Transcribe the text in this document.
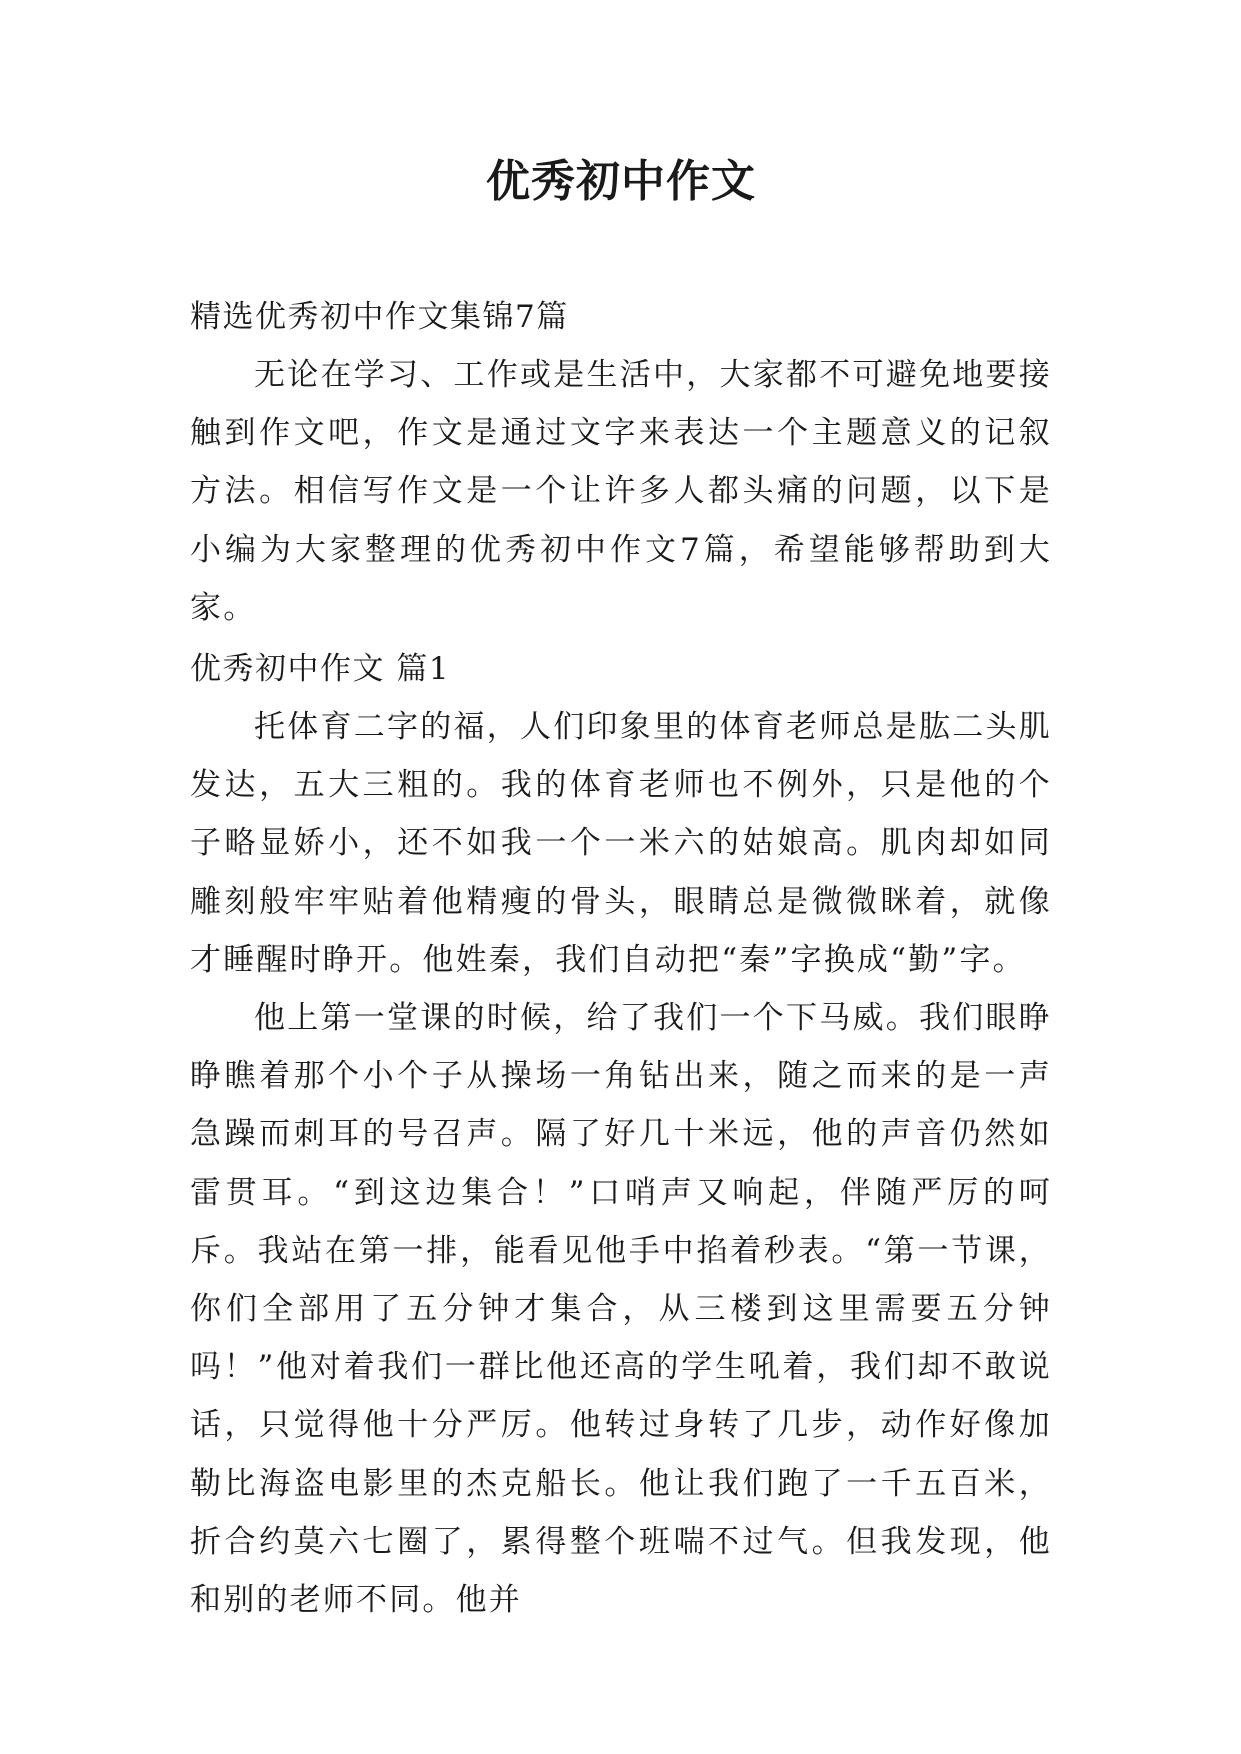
优秀初中作文

精选优秀初中作文集锦7篇

无论在学习、工作或是生活中，大家都不可避免地要接触到作文吧，作文是通过文字来表达一个主题意义的记叙方法。相信写作文是一个让许多人都头痛的问题，以下是小编为大家整理的优秀初中作文7篇，希望能够帮助到大家。

优秀初中作文 篇1

托体育二字的福，人们印象里的体育老师总是肱二头肌发达，五大三粗的。我的体育老师也不例外，只是他的个子略显娇小，还不如我一个一米六的姑娘高。肌肉却如同雕刻般牢牢贴着他精瘦的骨头，眼睛总是微微眯着，就像才睡醒时睁开。他姓秦，我们自动把“秦”字换成“勤”字。

他上第一堂课的时候，给了我们一个下马威。我们眼睁睁瞧着那个小个子从操场一角钻出来，随之而来的是一声急躁而刺耳的号召声。隔了好几十米远，他的声音仍然如雷贯耳。“到这边集合！”口哨声又响起，伴随严厉的呵斥。我站在第一排，能看见他手中掐着秒表。“第一节课，你们全部用了五分钟才集合，从三楼到这里需要五分钟吗！”他对着我们一群比他还高的学生吼着，我们却不敢说话，只觉得他十分严厉。他转过身转了几步，动作好像加勒比海盗电影里的杰克船长。他让我们跑了一千五百米，折合约莫六七圈了，累得整个班喘不过气。但我发现，他和别的老师不同。他并
